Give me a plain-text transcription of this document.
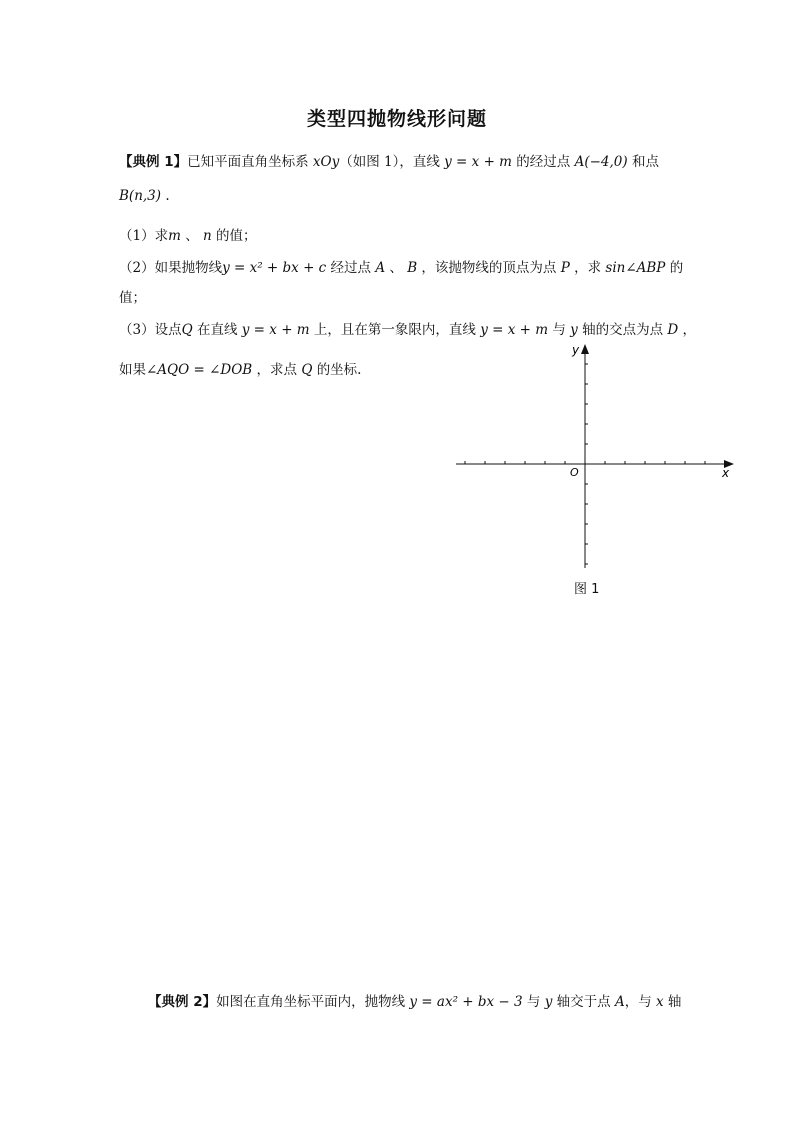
类型四抛物线形问题
【典例 1】已知平面直角坐标系 xOy（如图 1），直线 y = x + m 的经过点 A(−4,0) 和点
B(n,3) .
（1）求m 、 n 的值；
（2）如果抛物线y = x² + bx + c 经过点 A 、 B ，该抛物线的顶点为点 P ，求 sin∠ABP 的
值；
（3）设点Q 在直线 y = x + m 上，且在第一象限内，直线 y = x + m 与 y 轴的交点为点 D ，
如果∠AQO = ∠DOB ，求点 Q 的坐标.
O	x
y
图 1
【典例 2】如图在直角坐标平面内，抛物线 y = ax² + bx − 3 与 y 轴交于点 A，与 x 轴
